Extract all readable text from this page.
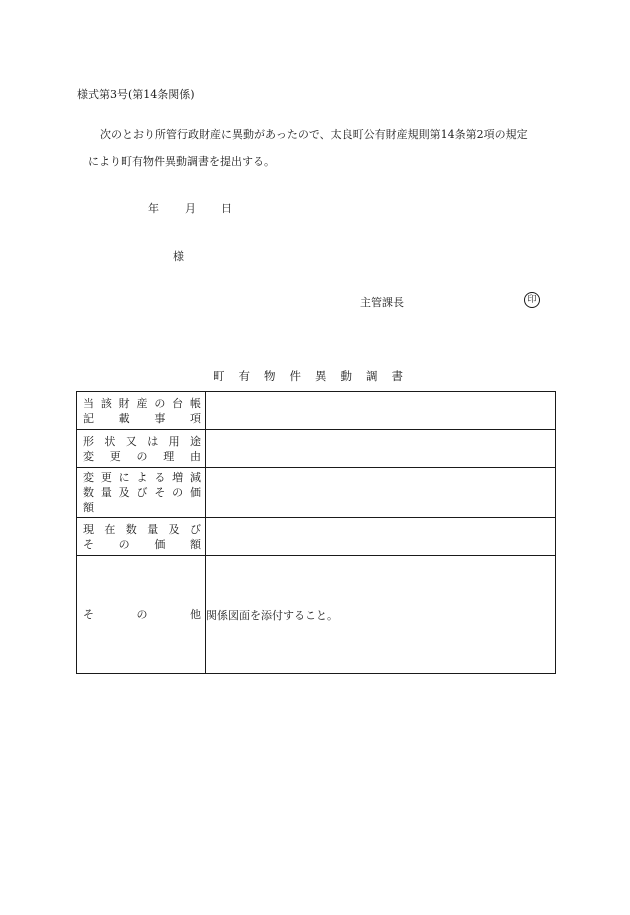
様式第3号(第14条関係)
次のとおり所管行政財産に異動があったので、太良町公有財産規則第14条第2項の規定
により町有物件異動調書を提出する。
年 月 日
様
主管課長	印
町有物件異動調書
当該財産の台帳
記載事項	

形状又は用途
変更の理由	

変更による増減
数量及びその価
額	

現在数量及び
その価額	

その他	関係図面を添付すること。
